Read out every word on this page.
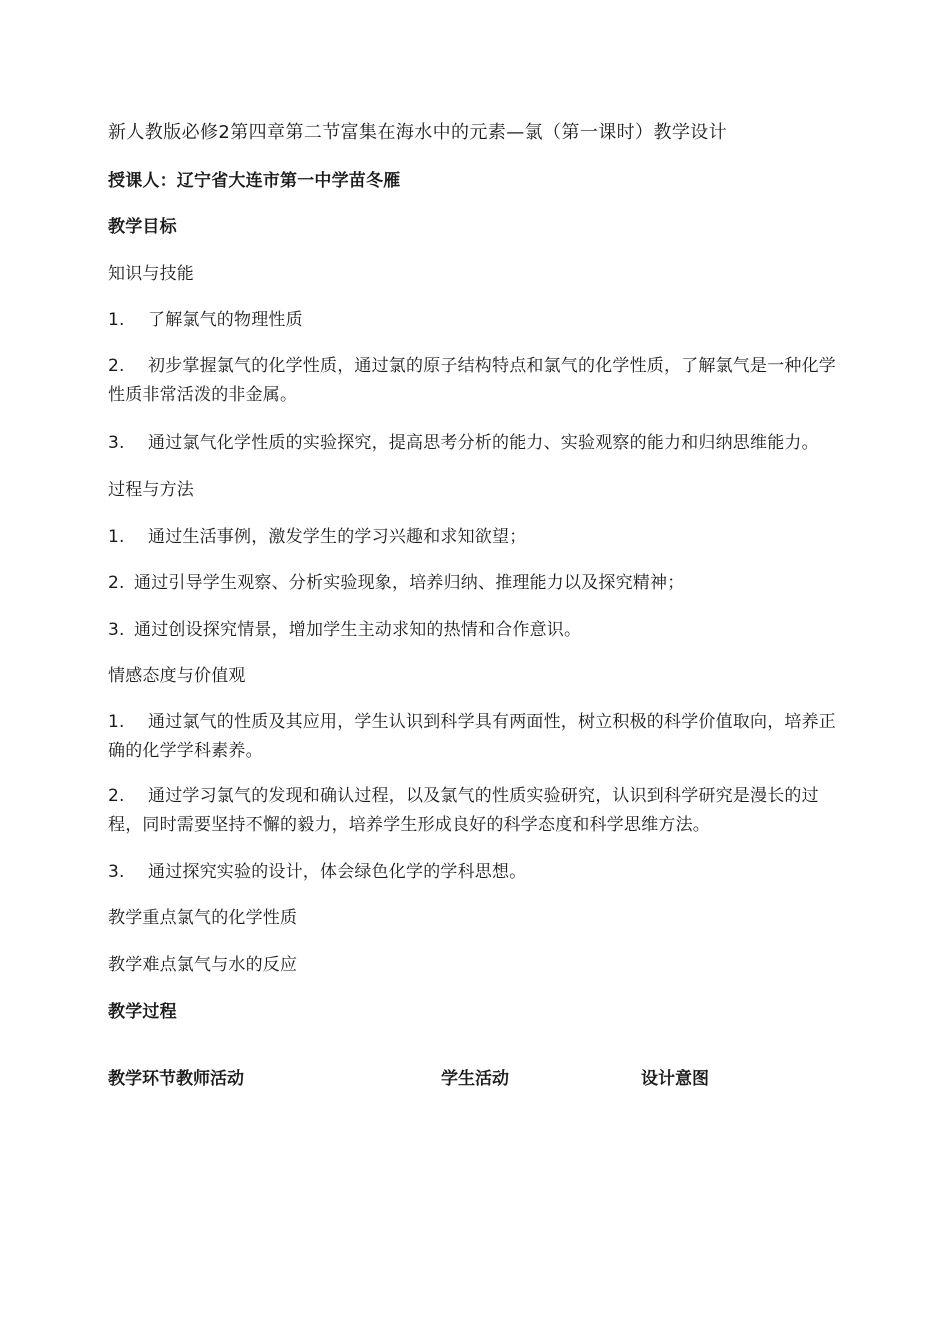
新人教版必修2第四章第二节富集在海水中的元素—氯（第一课时）教学设计
授课人：辽宁省大连市第一中学苗冬雁
教学目标
知识与技能
1. 了解氯气的物理性质
2. 初步掌握氯气的化学性质，通过氯的原子结构特点和氯气的化学性质，了解氯气是一种化学性质非常活泼的非金属。
3. 通过氯气化学性质的实验探究，提高思考分析的能力、实验观察的能力和归纳思维能力。
过程与方法
1. 通过生活事例，激发学生的学习兴趣和求知欲望；
2. 通过引导学生观察、分析实验现象，培养归纳、推理能力以及探究精神；
3. 通过创设探究情景，增加学生主动求知的热情和合作意识。
情感态度与价值观
1. 通过氯气的性质及其应用，学生认识到科学具有两面性，树立积极的科学价值取向，培养正确的化学学科素养。
2. 通过学习氯气的发现和确认过程，以及氯气的性质实验研究，认识到科学研究是漫长的过程，同时需要坚持不懈的毅力，培养学生形成良好的科学态度和科学思维方法。
3. 通过探究实验的设计，体会绿色化学的学科思想。
教学重点氯气的化学性质
教学难点氯气与水的反应
教学过程
教学环节教师活动	学生活动	设计意图
